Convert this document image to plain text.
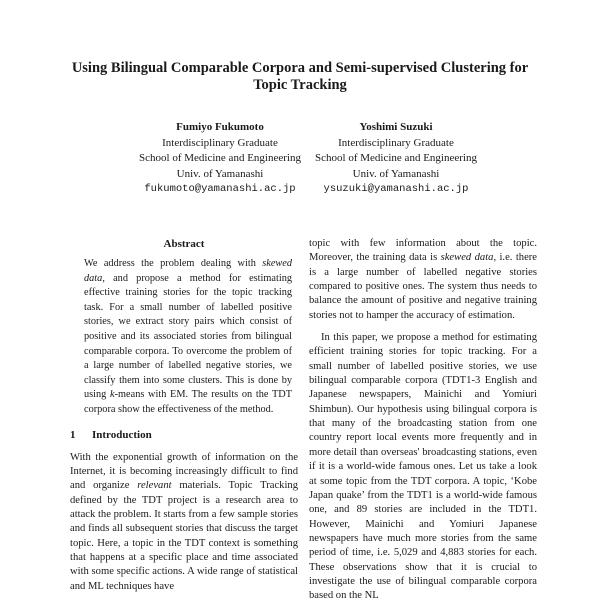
Using Bilingual Comparable Corpora and Semi-supervised Clustering for Topic Tracking
Fumiyo Fukumoto
Interdisciplinary Graduate
School of Medicine and Engineering
Univ. of Yamanashi
fukumoto@yamanashi.ac.jp
Yoshimi Suzuki
Interdisciplinary Graduate
School of Medicine and Engineering
Univ. of Yamanashi
ysuzuki@yamanashi.ac.jp
Abstract

We address the problem dealing with skewed data, and propose a method for estimating effective training stories for the topic tracking task. For a small number of labelled positive stories, we extract story pairs which consist of positive and its associated stories from bilingual comparable corpora. To overcome the problem of a large number of labelled negative stories, we classify them into some clusters. This is done by using k-means with EM. The results on the TDT corpora show the effectiveness of the method.

1 Introduction

With the exponential growth of information on the Internet, it is becoming increasingly difficult to find and organize relevant materials. Topic Tracking defined by the TDT project is a research area to attack the problem. It starts from a few sample stories and finds all subsequent stories that discuss the target topic. Here, a topic in the TDT context is something that happens at a specific place and time associated with some specific actions. A wide range of statistical and ML techniques have

topic with few information about the topic. Moreover, the training data is skewed data, i.e. there is a large number of labelled negative stories compared to positive ones. The system thus needs to balance the amount of positive and negative training stories not to hamper the accuracy of estimation.

In this paper, we propose a method for estimating efficient training stories for topic tracking. For a small number of labelled positive stories, we use bilingual comparable corpora (TDT1-3 English and Japanese newspapers, Mainichi and Yomiuri Shimbun). Our hypothesis using bilingual corpora is that many of the broadcasting station from one country report local events more frequently and in more detail than overseas' broadcasting stations, even if it is a world-wide famous ones. Let us take a look at some topic from the TDT corpora. A topic, ‘Kobe Japan quake’ from the TDT1 is a world-wide famous one, and 89 stories are included in the TDT1. However, Mainichi and Yomiuri Japanese newspapers have much more stories from the same period of time, i.e. 5,029 and 4,883 stories for each. These observations show that it is crucial to investigate the use of bilingual comparable corpora based on the NL
